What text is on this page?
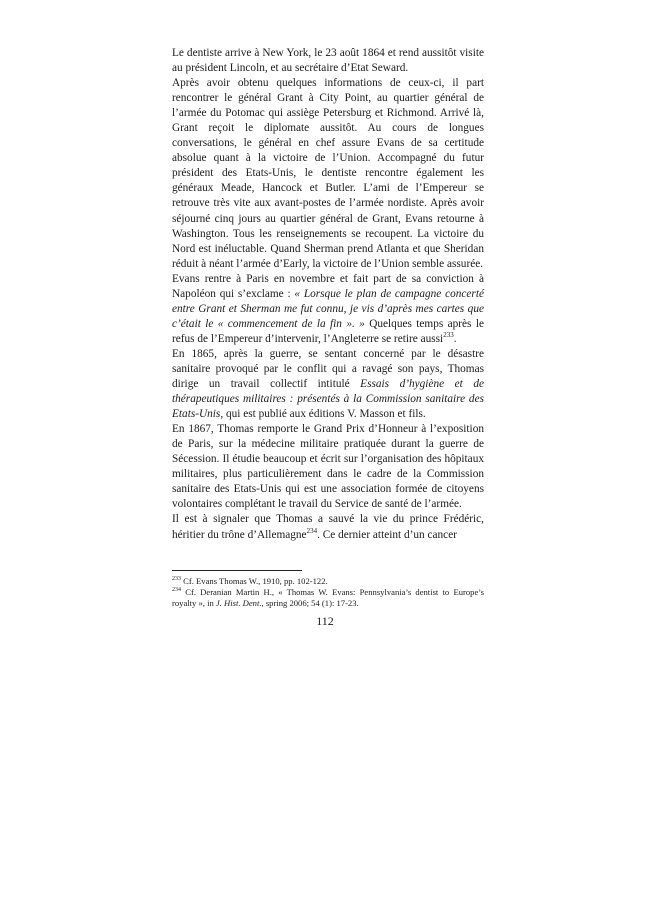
Le dentiste arrive à New York, le 23 août 1864 et rend aussitôt visite au président Lincoln, et au secrétaire d’Etat Seward.

Après avoir obtenu quelques informations de ceux-ci, il part rencontrer le général Grant à City Point, au quartier général de l’armée du Potomac qui assiège Petersburg et Richmond. Arrivé là, Grant reçoit le diplomate aussitôt. Au cours de longues conversations, le général en chef assure Evans de sa certitude absolue quant à la victoire de l’Union. Accompagné du futur président des Etats-Unis, le dentiste rencontre également les généraux Meade, Hancock et Butler. L’ami de l’Empereur se retrouve très vite aux avant-postes de l’armée nordiste. Après avoir séjourné cinq jours au quartier général de Grant, Evans retourne à Washington. Tous les renseignements se recoupent. La victoire du Nord est inéluctable. Quand Sherman prend Atlanta et que Sheridan réduit à néant l’armée d’Early, la victoire de l’Union semble assurée.

Evans rentre à Paris en novembre et fait part de sa conviction à Napoléon qui s’exclame : « Lorsque le plan de campagne concerté entre Grant et Sherman me fut connu, je vis d’après mes cartes que c’était le « commencement de la fin ». » Quelques temps après le refus de l’Empereur d’intervenir, l’Angleterre se retire aussi$^{233}$.

En 1865, après la guerre, se sentant concerné par le désastre sanitaire provoqué par le conflit qui a ravagé son pays, Thomas dirige un travail collectif intitulé Essais d’hygiène et de thérapeutiques militaires : présentés à la Commission sanitaire des Etats-Unis, qui est publié aux éditions V. Masson et fils.

En 1867, Thomas remporte le Grand Prix d’Honneur à l’exposition de Paris, sur la médecine militaire pratiquée durant la guerre de Sécession. Il étudie beaucoup et écrit sur l’organisation des hôpitaux militaires, plus particulièrement dans le cadre de la Commission sanitaire des Etats-Unis qui est une association formée de citoyens volontaires complétant le travail du Service de santé de l’armée.

Il est à signaler que Thomas a sauvé la vie du prince Frédéric, héritier du trône d’Allemagne$^{234}$. Ce dernier atteint d’un cancer

$^{233}$ Cf. Evans Thomas W., 1910, pp. 102-122.

$^{234}$ Cf. Deranian Martin H., « Thomas W. Evans: Pennsylvania’s dentist to Europe’s royalty », in J. Hist. Dent., spring 2006; 54 (1): 17-23.

112
